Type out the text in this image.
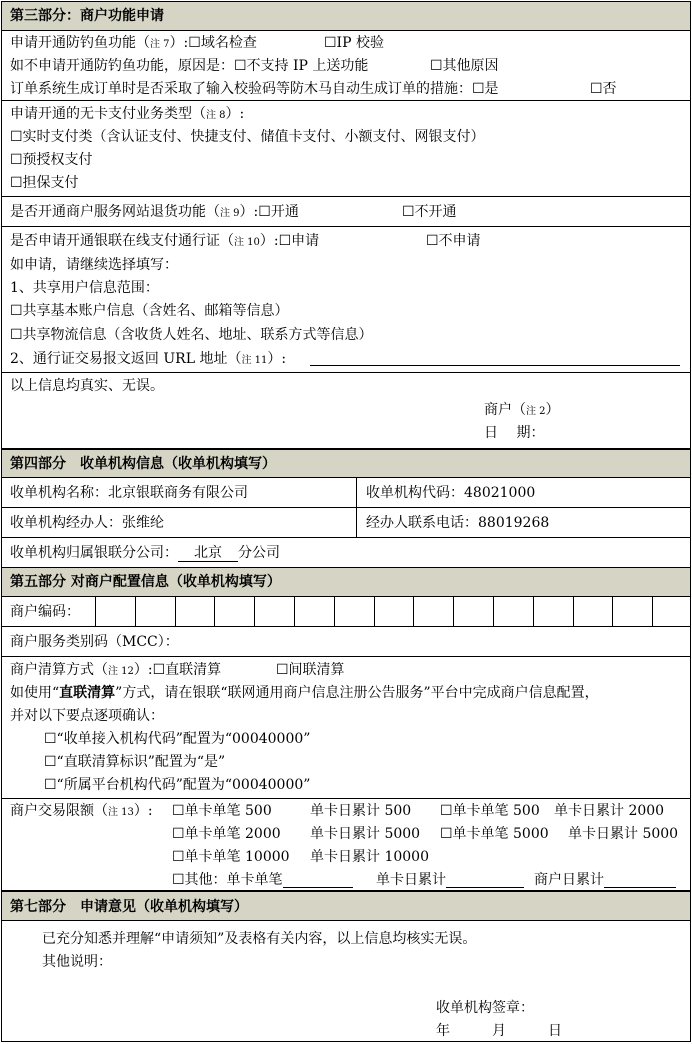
第三部分：商户功能申请
申请开通防钓鱼功能（注 7）:☐域名检查	☐IP 校验
如不申请开通防钓鱼功能，原因是：☐不支持 IP 上送功能	☐其他原因
订单系统生成订单时是否采取了输入校验码等防木马自动生成订单的措施：☐是	☐否
申请开通的无卡支付业务类型（注 8）:
☐实时支付类（含认证支付、快捷支付、储值卡支付、小额支付、网银支付）
☐预授权支付
☐担保支付
是否开通商户服务网站退货功能（注 9）:☐开通	☐不开通
是否申请开通银联在线支付通行证（注 10）:☐申请	☐不申请
如申请，请继续选择填写：
1、共享用户信息范围：
☐共享基本账户信息（含姓名、邮箱等信息）
☐共享物流信息（含收货人姓名、地址、联系方式等信息）
2、通行证交易报文返回 URL 地址（注 11）:
以上信息均真实、无误。
商户（注 2）
日　 期：
第四部分　收单机构信息（收单机构填写）
收单机构名称：北京银联商务有限公司	收单机构代码：48021000
收单机构经办人：张维纶	经办人联系电话：88019268
收单机构归属银联分公司： 北京 分公司
第五部分 对商户配置信息（收单机构填写）
商户编码：
商户服务类别码（MCC）：
商户清算方式（注 12）:☐直联清算	☐间联清算
如使用“直联清算”方式，请在银联“联网通用商户信息注册公告服务”平台中完成商户信息配置，
并对以下要点逐项确认：
☐“收单接入机构代码”配置为“00040000”
☐“直联清算标识”配置为“是”
☐“所属平台机构代码”配置为“00040000”
商户交易限额（注 13）: ☐单卡单笔 500	单卡日累计 500 ☐单卡单笔 500 单卡日累计 2000
☐单卡单笔 2000 单卡日累计 5000 ☐单卡单笔 5000 单卡日累计 5000
☐单卡单笔 10000 单卡日累计 10000
☐其他：单卡单笔	单卡日累计	商户日累计
第七部分　申请意见（收单机构填写）
已充分知悉并理解“申请须知”及表格有关内容，以上信息均核实无误。
其他说明：
收单机构签章：
年　　　月　　　日
